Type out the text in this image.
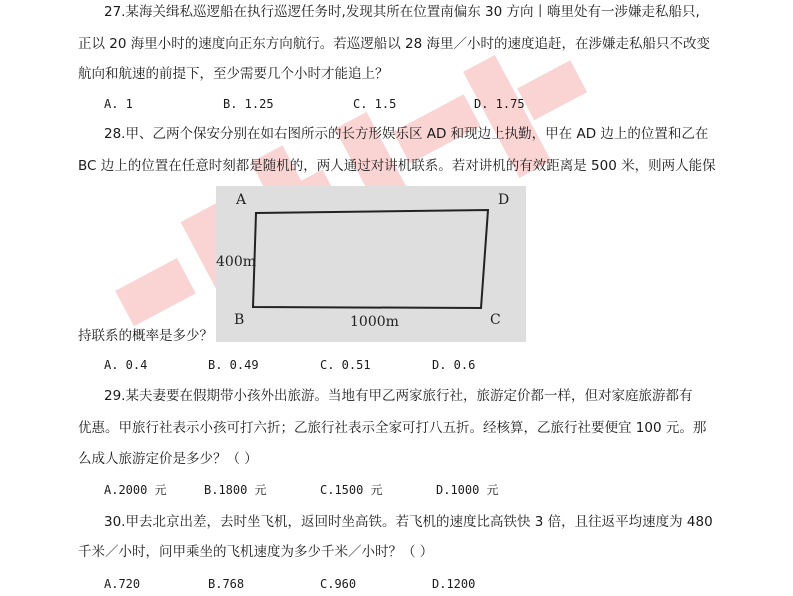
27.某海关缉私巡逻船在执行巡逻任务时,发现其所在位置南偏东 30 方向丨嗨里处有一涉嫌走私船只,
正以 20 海里小时的速度向正东方向航行。若巡逻船以 28 海里／小时的速度追赶，在涉嫌走私船只不改变
航向和航速的前提下，至少需要几个小时才能追上？
A. 1	B. 1.25	C. 1.5	D. 1.75
28.甲、乙两个保安分别在如右图所示的长方形娱乐区 AD 和现边上执勤，甲在 AD 边上的位置和乙在
BC 边上的位置在任意时刻都是随机的，两人通过对讲机联系。若对讲机的有效距离是 500 米，则两人能保
A	D
B	C
400m
1000m
持联系的概率是多少？
A. 0.4	B. 0.49	C. 0.51	D. 0.6
29.某夫妻要在假期带小孩外出旅游。当地有甲乙两家旅行社，旅游定价都一样，但对家庭旅游都有
优惠。甲旅行社表示小孩可打六折；乙旅行社表示全家可打八五折。经核算，乙旅行社要便宜 100 元。那
么成人旅游定价是多少？（ ）
A.2000 元	B.1800 元	C.1500 元	D.1000 元
30.甲去北京出差，去时坐飞机，返回时坐高铁。若飞机的速度比高铁快 3 倍，且往返平均速度为 480
千米／小时，问甲乘坐的飞机速度为多少千米／小时？（ ）
A.720	B.768	C.960	D.1200
